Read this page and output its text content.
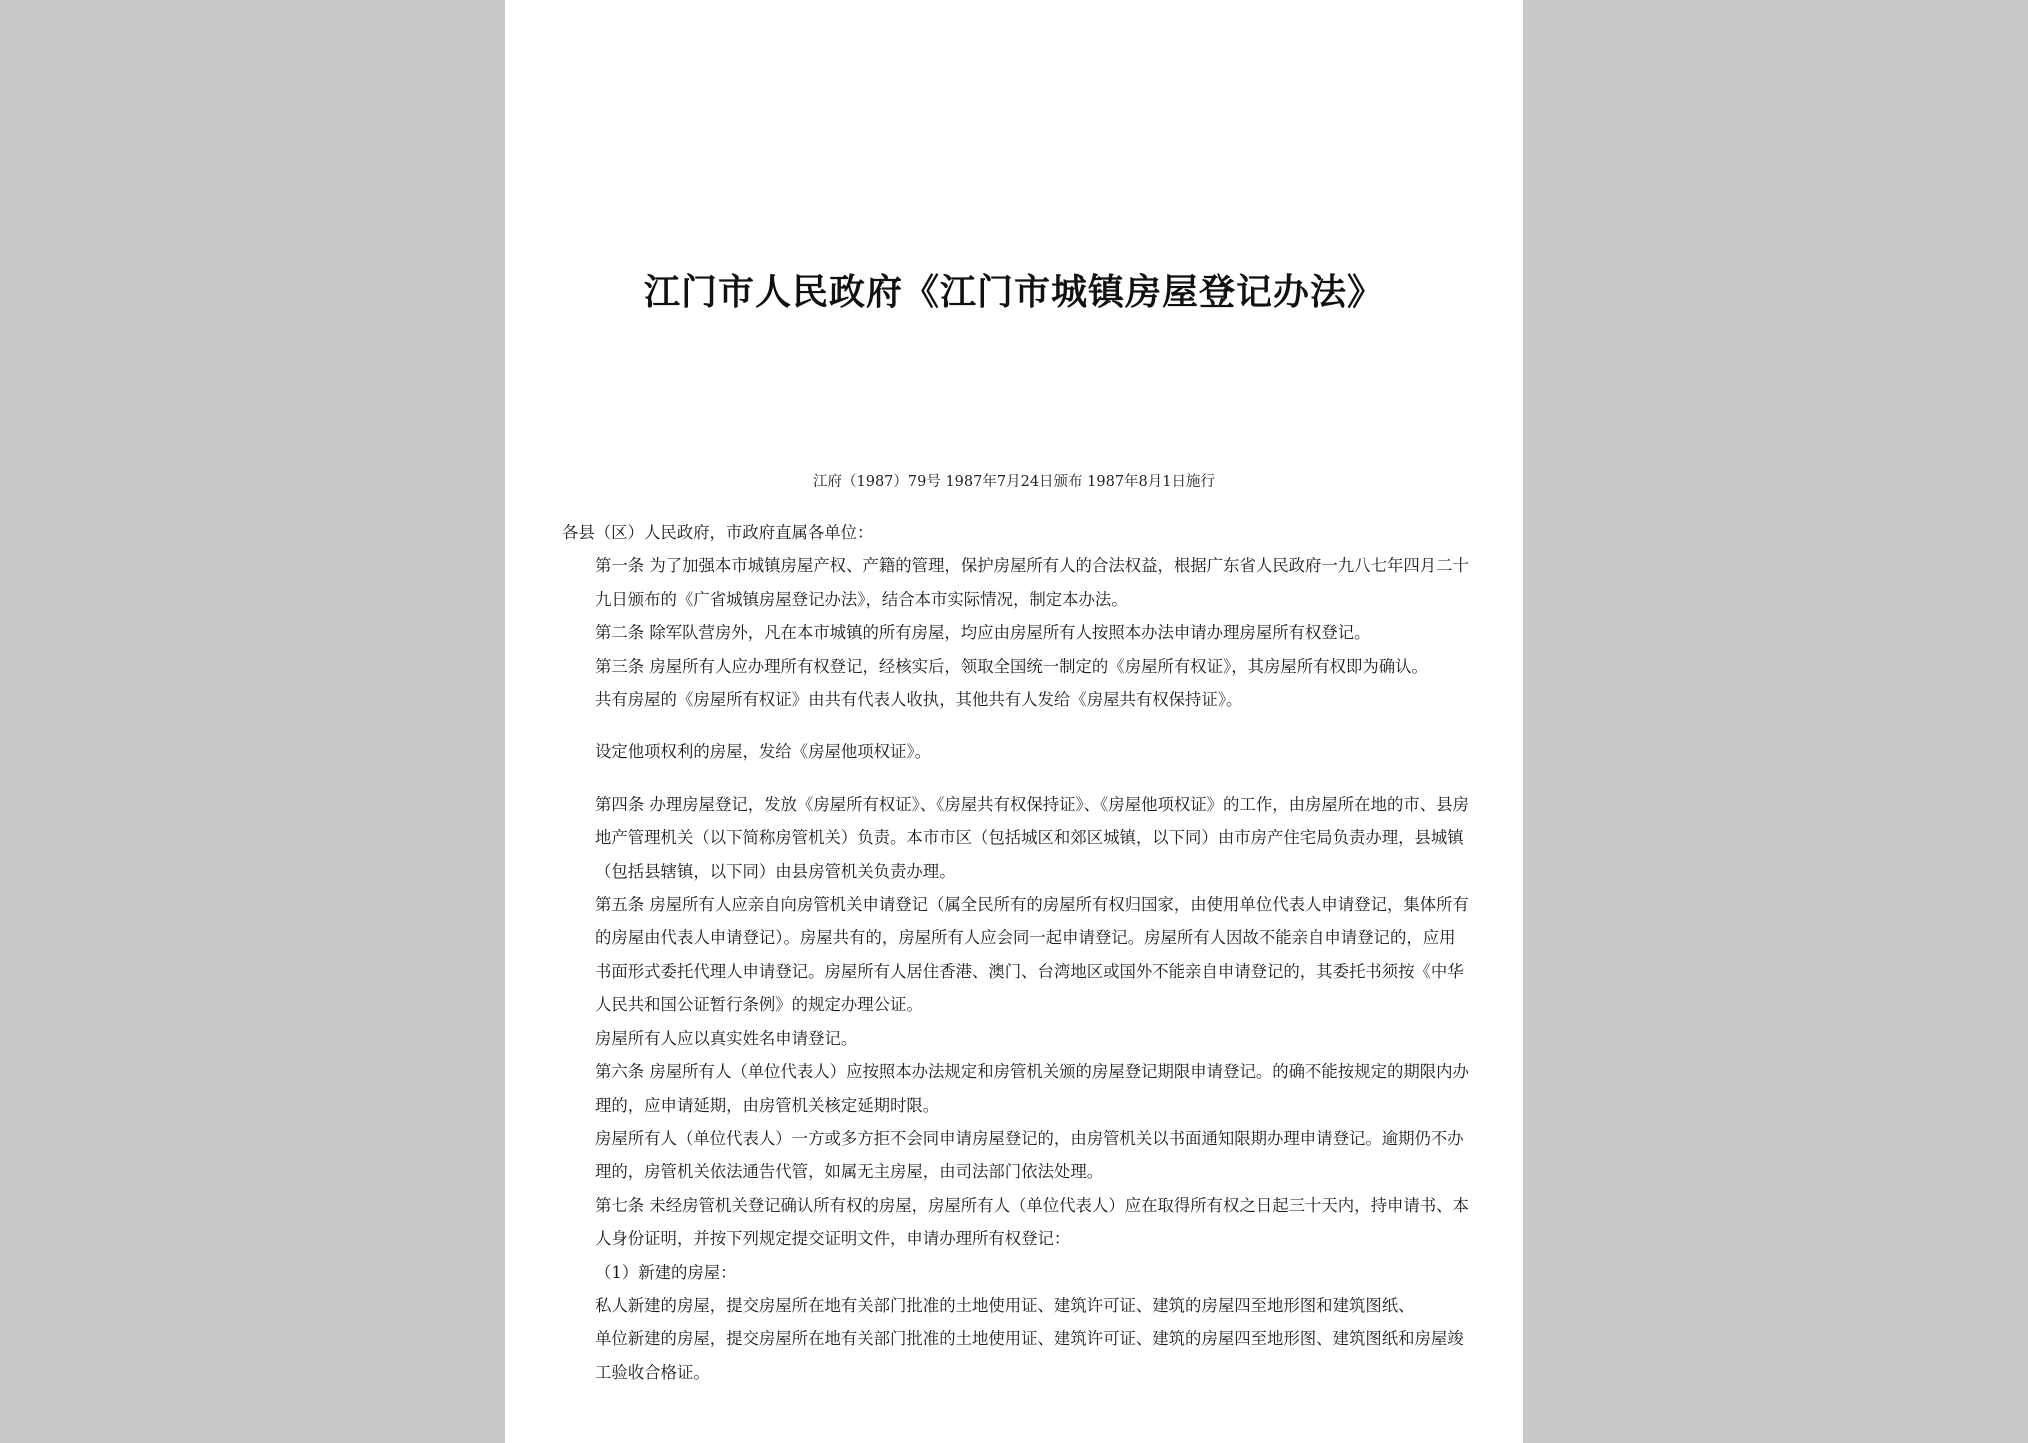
江门市人民政府《江门市城镇房屋登记办法》
江府（1987）79号 1987年7月24日颁布 1987年8月1日施行

各县（区）人民政府，市政府直属各单位：

第一条 为了加强本市城镇房屋产权、产籍的管理，保护房屋所有人的合法权益，根据广东省人民政府一九八七年四月二十九日颁布的《广省城镇房屋登记办法》，结合本市实际情况，制定本办法。

第二条 除军队营房外，凡在本市城镇的所有房屋，均应由房屋所有人按照本办法申请办理房屋所有权登记。

第三条 房屋所有人应办理所有权登记，经核实后，领取全国统一制定的《房屋所有权证》，其房屋所有权即为确认。

共有房屋的《房屋所有权证》由共有代表人收执，其他共有人发给《房屋共有权保持证》。

设定他项权利的房屋，发给《房屋他项权证》。

第四条 办理房屋登记，发放《房屋所有权证》、《房屋共有权保持证》、《房屋他项权证》的工作，由房屋所在地的市、县房地产管理机关（以下简称房管机关）负责。本市市区（包括城区和郊区城镇，以下同）由市房产住宅局负责办理，县城镇（包括县辖镇，以下同）由县房管机关负责办理。

第五条 房屋所有人应亲自向房管机关申请登记（属全民所有的房屋所有权归国家，由使用单位代表人申请登记，集体所有的房屋由代表人申请登记）。房屋共有的，房屋所有人应会同一起申请登记。房屋所有人因故不能亲自申请登记的，应用书面形式委托代理人申请登记。房屋所有人居住香港、澳门、台湾地区或国外不能亲自申请登记的，其委托书须按《中华人民共和国公证暂行条例》的规定办理公证。

房屋所有人应以真实姓名申请登记。

第六条 房屋所有人（单位代表人）应按照本办法规定和房管机关颁的房屋登记期限申请登记。的确不能按规定的期限内办理的，应申请延期，由房管机关核定延期时限。

房屋所有人（单位代表人）一方或多方拒不会同申请房屋登记的，由房管机关以书面通知限期办理申请登记。逾期仍不办理的，房管机关依法通告代管，如属无主房屋，由司法部门依法处理。

第七条 未经房管机关登记确认所有权的房屋，房屋所有人（单位代表人）应在取得所有权之日起三十天内，持申请书、本人身份证明，并按下列规定提交证明文件，申请办理所有权登记：

（1）新建的房屋：

私人新建的房屋，提交房屋所在地有关部门批准的土地使用证、建筑许可证、建筑的房屋四至地形图和建筑图纸、

单位新建的房屋，提交房屋所在地有关部门批准的土地使用证、建筑许可证、建筑的房屋四至地形图、建筑图纸和房屋竣工验收合格证。
